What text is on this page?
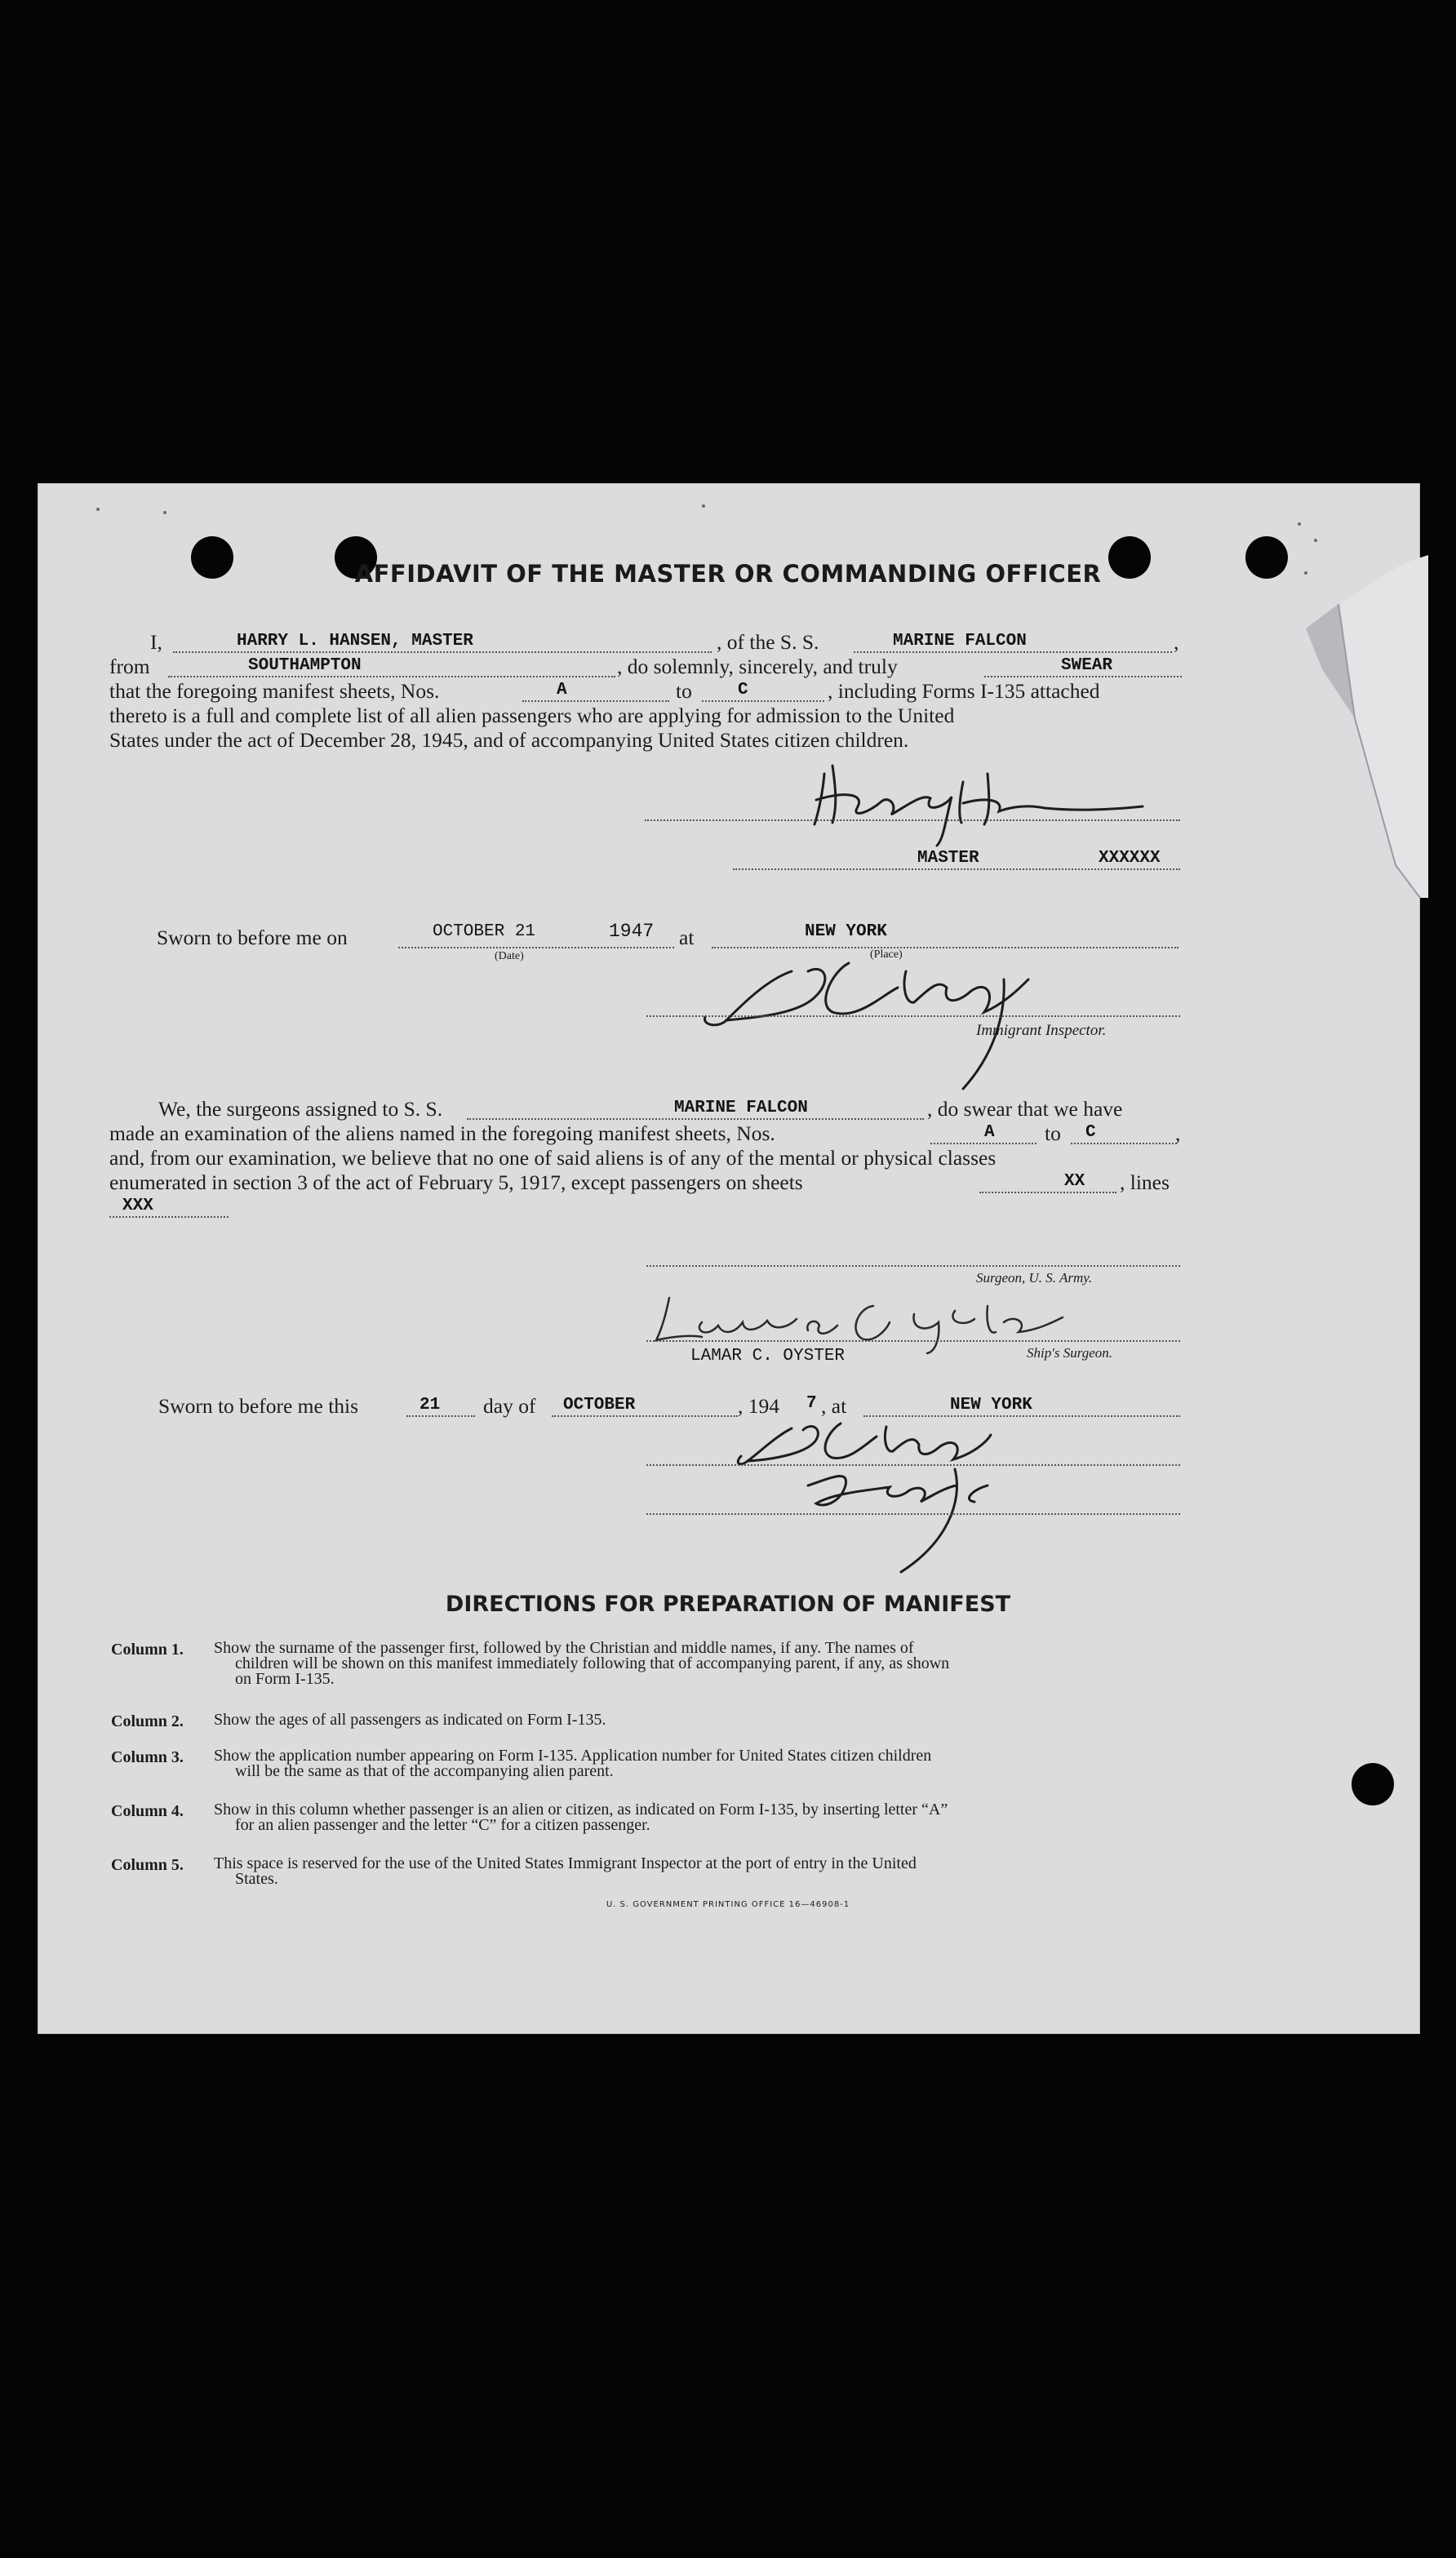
AFFIDAVIT OF THE MASTER OR COMMANDING OFFICER
I,	HARRY L. HANSEN, MASTER	, of the S. S.	MARINE FALCON	,
from	SOUTHAMPTON	, do solemnly, sincerely, and truly	SWEAR
that the foregoing manifest sheets, Nos.	A	to	C	, including Forms I-135 attached
thereto is a full and complete list of all alien passengers who are applying for admission to the United
States under the act of December 28, 1945, and of accompanying United States citizen children.
MASTER	XXXXXX
Sworn to before me on	OCTOBER 21	1947
(Date)
at	NEW YORK
(Place)
Immigrant Inspector.
We, the surgeons assigned to S. S.	MARINE FALCON	, do swear that we have
made an examination of the aliens named in the foregoing manifest sheets, Nos.	A to C	,
and, from our examination, we believe that no one of said aliens is of any of the mental or physical classes
enumerated in section 3 of the act of February 5, 1917, except passengers on sheets	XX , lines
XXX
Surgeon, U. S. Army.
LAMAR C. OYSTER	Ship's Surgeon.
Sworn to before me this	21 day of OCTOBER	, 194 7 , at	NEW YORK
DIRECTIONS FOR PREPARATION OF MANIFEST
Column 1. Show the surname of the passenger first, followed by the Christian and middle names, if any. The names of
children will be shown on this manifest immediately following that of accompanying parent, if any, as shown
on Form I-135.
Column 2. Show the ages of all passengers as indicated on Form I-135.
Column 3. Show the application number appearing on Form I-135. Application number for United States citizen children
will be the same as that of the accompanying alien parent.
Column 4. Show in this column whether passenger is an alien or citizen, as indicated on Form I-135, by inserting letter “A”
for an alien passenger and the letter “C” for a citizen passenger.
Column 5. This space is reserved for the use of the United States Immigrant Inspector at the port of entry in the United
States.
U. S. GOVERNMENT PRINTING OFFICE 16—46908-1
